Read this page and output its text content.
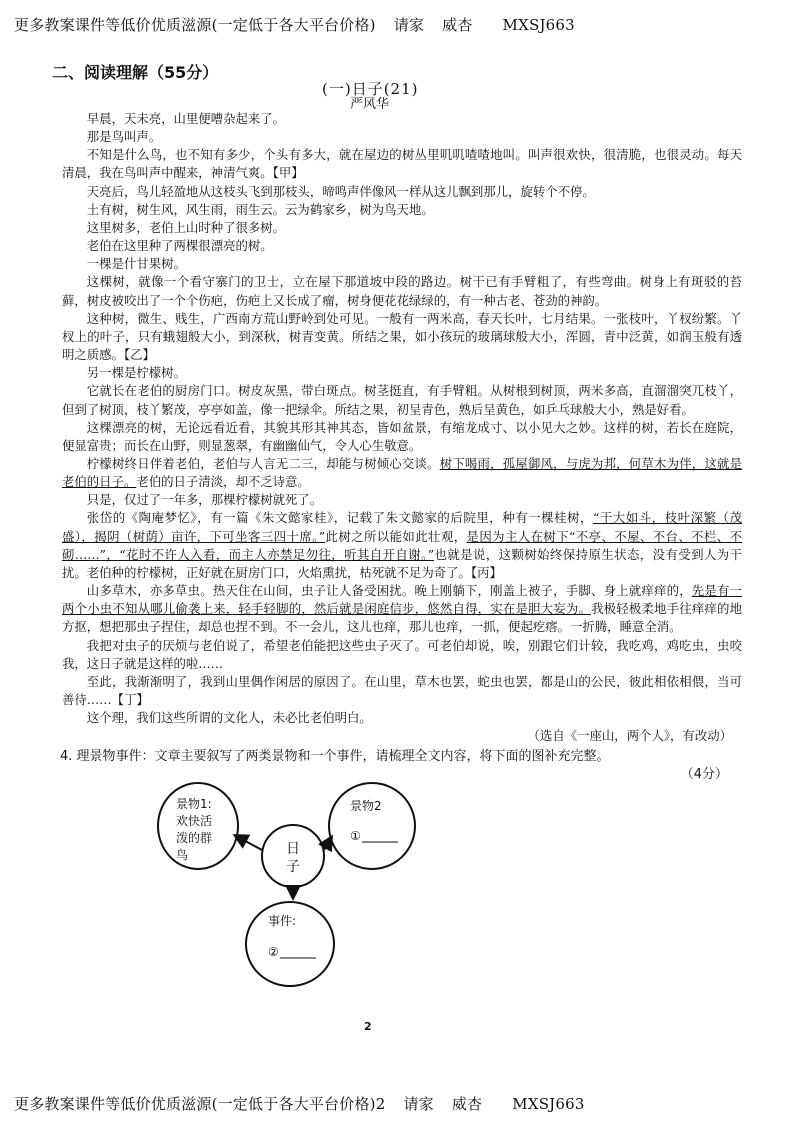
更多教案课件等低价优质滋源(一定低于各大平台价格) 请家 威杏 MXSJ663
二、阅读理解（55分）
(一)日子(21)
严风华

早晨，天未亮，山里便嘈杂起来了。

那是鸟叫声。

不知是什么鸟，也不知有多少，个头有多大，就在屋边的树丛里叽叽喳喳地叫。叫声很欢快，很清脆，也很灵动。每天清晨，我在鸟叫声中醒来，神清气爽。【甲】

天亮后，鸟儿轻盈地从这枝头飞到那枝头，啼鸣声伴像风一样从这儿飘到那儿，旋转个不停。

土有树，树生风，风生雨，雨生云。云为鹤家乡，树为鸟天地。

这里树多，老伯上山时种了很多树。

老伯在这里种了两棵很漂亮的树。

一棵是什甘果树。

这棵树，就像一个看守寨门的卫士，立在屋下那道坡中段的路边。树干已有手臂粗了，有些弯曲。树身上有斑驳的苔藓，树皮被咬出了一个个伤疤，伤疤上又长成了瘤，树身便花花绿绿的，有一种古老、苍劲的神韵。

这种树，微生、贱生，广西南方荒山野岭到处可见。一般有一两米高，春天长叶，七月结果。一张枝叶，丫杈纷繁。丫杈上的叶子，只有蛾翅般大小，到深秋，树青变黄。所结之果，如小孩玩的玻璃球般大小，浑圆，青中泛黄，如润玉般有透明之质感。【乙】

另一棵是柠檬树。

它就长在老伯的厨房门口。树皮灰黑，带白斑点。树茎挺直，有手臂粗。从树根到树顶，两米多高，直溜溜突兀枝丫，但到了树顶，枝丫繁茂，亭亭如盖，像一把绿伞。所结之果，初呈青色，熟后呈黄色，如乒乓球般大小，熟是好看。

这棵漂亮的树，无论远看近看，其貌其形其神其态，皆如盆景，有缩龙成寸、以小见大之妙。这样的树，若长在庭院，便显富贵；而长在山野，则显葱翠，有幽幽仙气，令人心生敬意。

柠檬树终日伴着老伯，老伯与人言无二三，却能与树倾心交谈。树下喝雨，孤屋御风，与虎为邦，何草木为伴，这就是老伯的日子。老伯的日子清淡，却不乏诗意。

只是，仅过了一年多，那棵柠檬树就死了。

张岱的《陶庵梦忆》，有一篇《朱文懿家桂》，记载了朱文懿家的后院里，种有一棵桂树，“干大如斗，枝叶深繁（茂盛），揭阴（树荫）亩许，下可坐客三四十席。”此树之所以能如此壮观，是因为主人在树下“不亭、不屋、不台、不栏、不砌……”，“花时不许人入看，而主人亦禁足勿往，听其自开自谢。”也就是说，这颗树始终保持原生状态，没有受到人为干扰。老伯种的柠檬树，正好就在厨房门口，火焰熏扰，枯死就不足为奇了。【丙】

山多草木，亦多草虫。热天住在山间，虫子让人备受困扰。晚上刚躺下，刚盖上被子，手脚、身上就痒痒的，先是有一两个小虫不知从哪儿偷袭上来，轻手轻脚的，然后就是闲庭信步，悠然自得，实在是胆大妄为。我极轻极柔地手往痒痒的地方抠，想把那虫子捏住，却总也捏不到。不一会儿，这儿也痒，那儿也痒，一抓，便起疙瘩。一折腾，睡意全消。

我把对虫子的厌烦与老伯说了，希望老伯能把这些虫子灭了。可老伯却说，唉，别跟它们计较，我吃鸡，鸡吃虫，虫咬我，这日子就是这样的啦……

至此，我渐渐明了，我到山里偶作闲居的原因了。在山里，草木也罢，蛇虫也罢，都是山的公民，彼此相依相偎，当可善待……【丁】

这个理，我们这些所谓的文化人，未必比老伯明白。

（选自《一座山，两个人》，有改动）

4. 理景物事件：文章主要叙写了两类景物和一个事件，请梳理全文内容，将下面的图补充完整。
（4分）
景物1:
欢快活
泼的群
鸟
景物2
①
日
子
事件:
②
2
更多教案课件等低价优质滋源(一定低于各大平台价格)2 请家 威杏 MXSJ663
